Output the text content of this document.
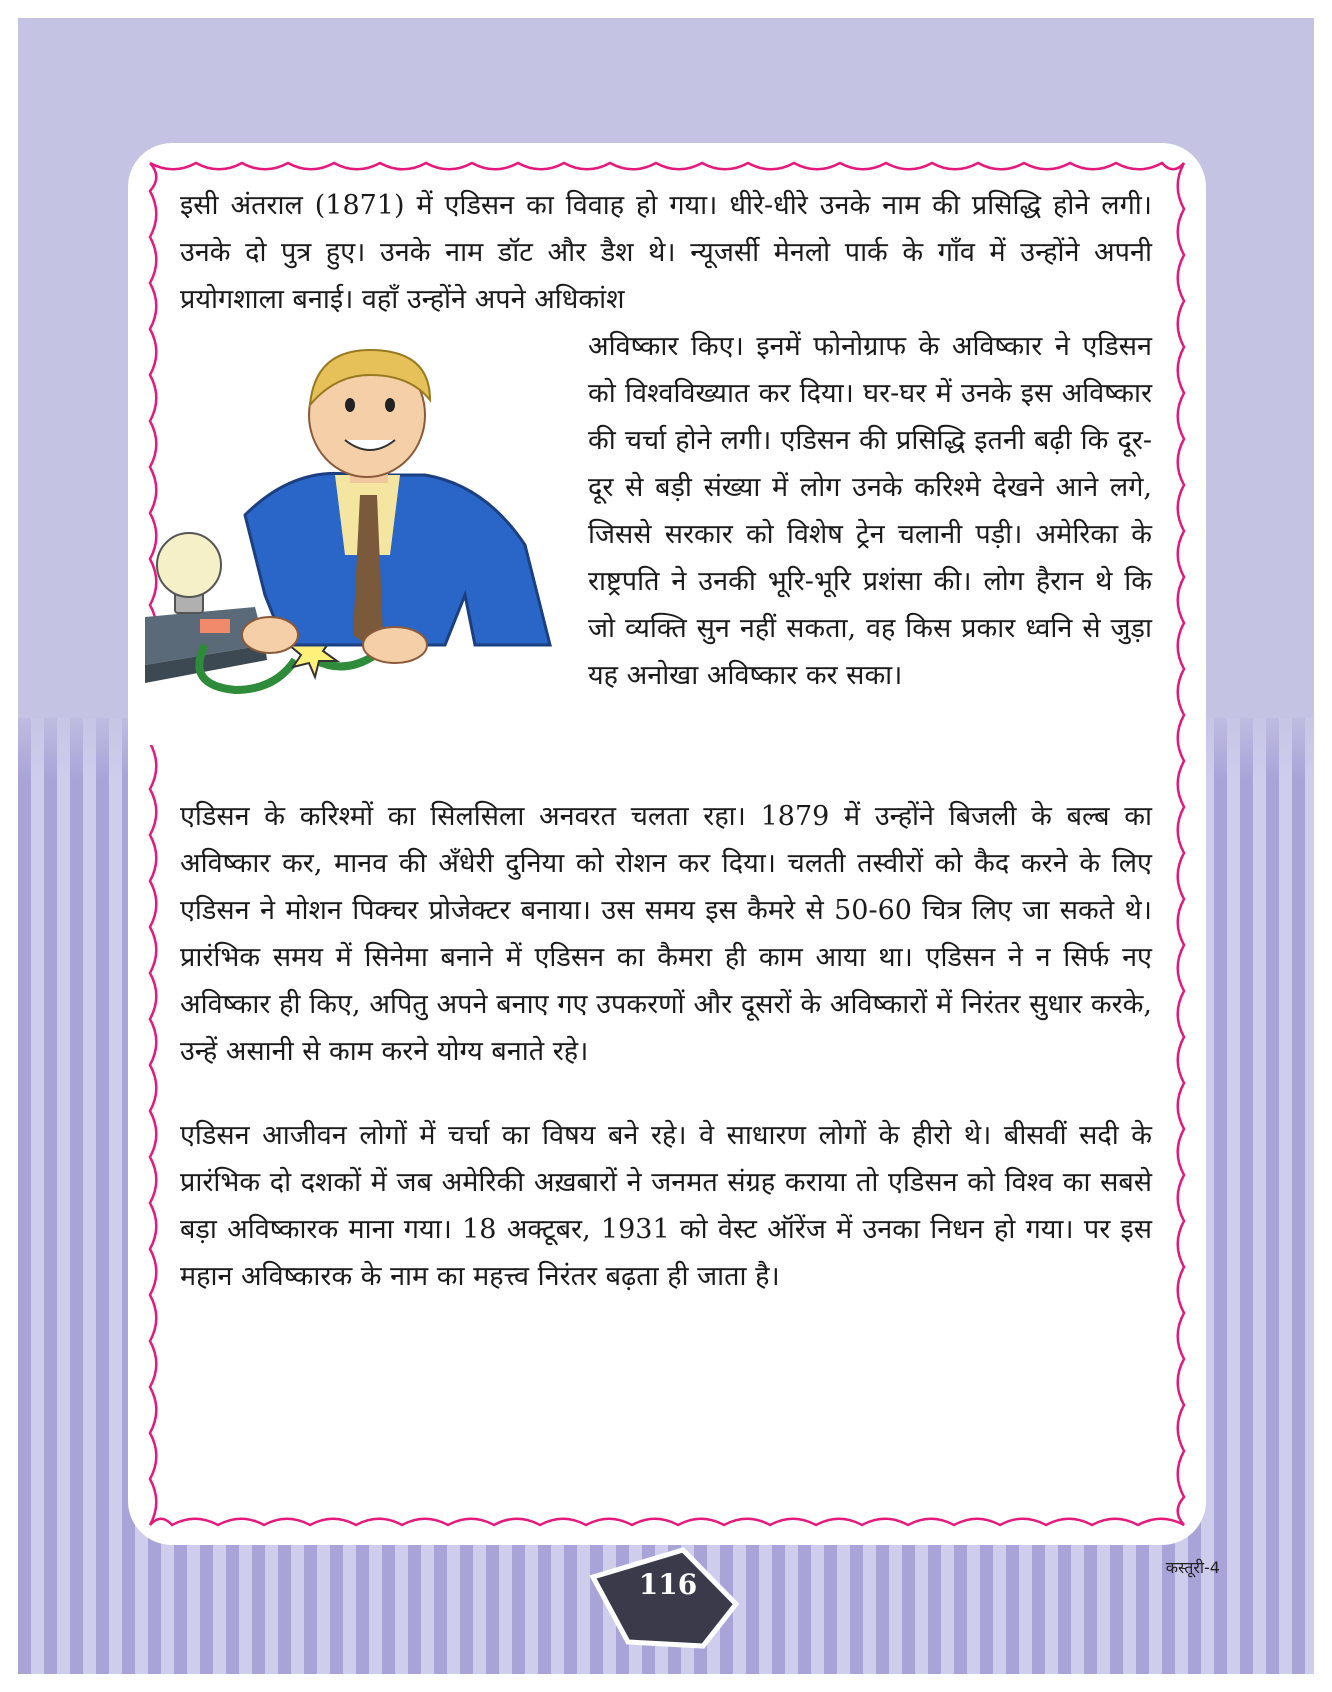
इसी अंतराल (1871) में एडिसन का विवाह हो गया। धीरे-धीरे उनके नाम की प्रसिद्धि होने लगी। उनके दो पुत्र हुए। उनके नाम डॉट और डैश थे। न्यूजर्सी मेनलो पार्क के गाँव में उन्होंने अपनी प्रयोगशाला बनाई। वहाँ उन्होंने अपने अधिकांश

अविष्कार किए। इनमें फोनोग्राफ के अविष्कार ने एडिसन को विश्वविख्यात कर दिया। घर-घर में उनके इस अविष्कार की चर्चा होने लगी। एडिसन की प्रसिद्धि इतनी बढ़ी कि दूर-दूर से बड़ी संख्या में लोग उनके करिश्मे देखने आने लगे, जिससे सरकार को विशेष ट्रेन चलानी पड़ी। अमेरिका के राष्ट्रपति ने उनकी भूरि-भूरि प्रशंसा की। लोग हैरान थे कि जो व्यक्ति सुन नहीं सकता, वह किस प्रकार ध्वनि से जुड़ा यह अनोखा अविष्कार कर सका।

एडिसन के करिश्मों का सिलसिला अनवरत चलता रहा। 1879 में उन्होंने बिजली के बल्ब का अविष्कार कर, मानव की अँधेरी दुनिया को रोशन कर दिया। चलती तस्वीरों को कैद करने के लिए एडिसन ने मोशन पिक्चर प्रोजेक्टर बनाया। उस समय इस कैमरे से 50-60 चित्र लिए जा सकते थे। प्रारंभिक समय में सिनेमा बनाने में एडिसन का कैमरा ही काम आया था। एडिसन ने न सिर्फ नए अविष्कार ही किए, अपितु अपने बनाए गए उपकरणों और दूसरों के अविष्कारों में निरंतर सुधार करके, उन्हें असानी से काम करने योग्य बनाते रहे।

एडिसन आजीवन लोगों में चर्चा का विषय बने रहे। वे साधारण लोगों के हीरो थे। बीसवीं सदी के प्रारंभिक दो दशकों में जब अमेरिकी अख़बारों ने जनमत संग्रह कराया तो एडिसन को विश्व का सबसे बड़ा अविष्कारक माना गया। 18 अक्टूबर, 1931 को वेस्ट ऑरेंज में उनका निधन हो गया। पर इस महान अविष्कारक के नाम का महत्त्व निरंतर बढ़ता ही जाता है।

116
कस्तूरी-4
